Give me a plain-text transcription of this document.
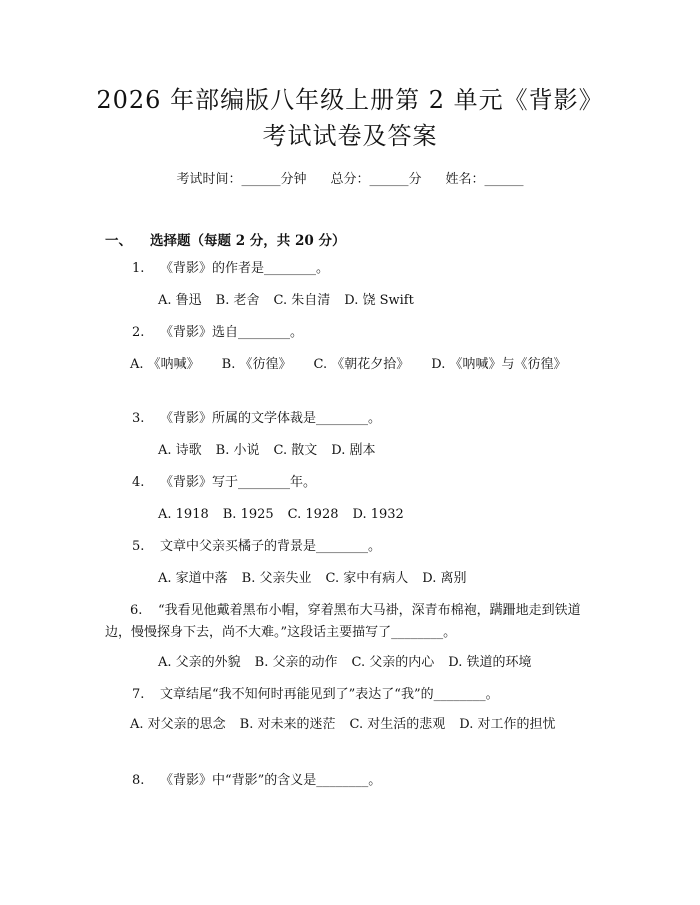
2026 年部编版八年级上册第 2 单元《背影》
考试试卷及答案
考试时间：______分钟 总分：______分 姓名：______
一、 选择题（每题 2 分，共 20 分）
1. 《背影》的作者是________。
A. 鲁迅 B. 老舍 C. 朱自清 D. 饶 Swift
2. 《背影》选自________。
A. 《呐喊》 B. 《彷徨》 C. 《朝花夕拾》 D. 《呐喊》与《彷徨》
3. 《背影》所属的文学体裁是________。
A. 诗歌 B. 小说 C. 散文 D. 剧本
4. 《背影》写于________年。
A. 1918 B. 1925 C. 1928 D. 1932
5. 文章中父亲买橘子的背景是________。
A. 家道中落 B. 父亲失业 C. 家中有病人 D. 离别
6. “我看见他戴着黑布小帽，穿着黑布大马褂，深青布棉袍，蹒跚地走到铁道边，慢慢探身下去，尚不大难。”这段话主要描写了________。
A. 父亲的外貌 B. 父亲的动作 C. 父亲的内心 D. 铁道的环境
7. 文章结尾“我不知何时再能见到了”表达了“我”的________。
A. 对父亲的思念 B. 对未来的迷茫 C. 对生活的悲观 D. 对工作的担忧
8. 《背影》中“背影”的含义是________。
